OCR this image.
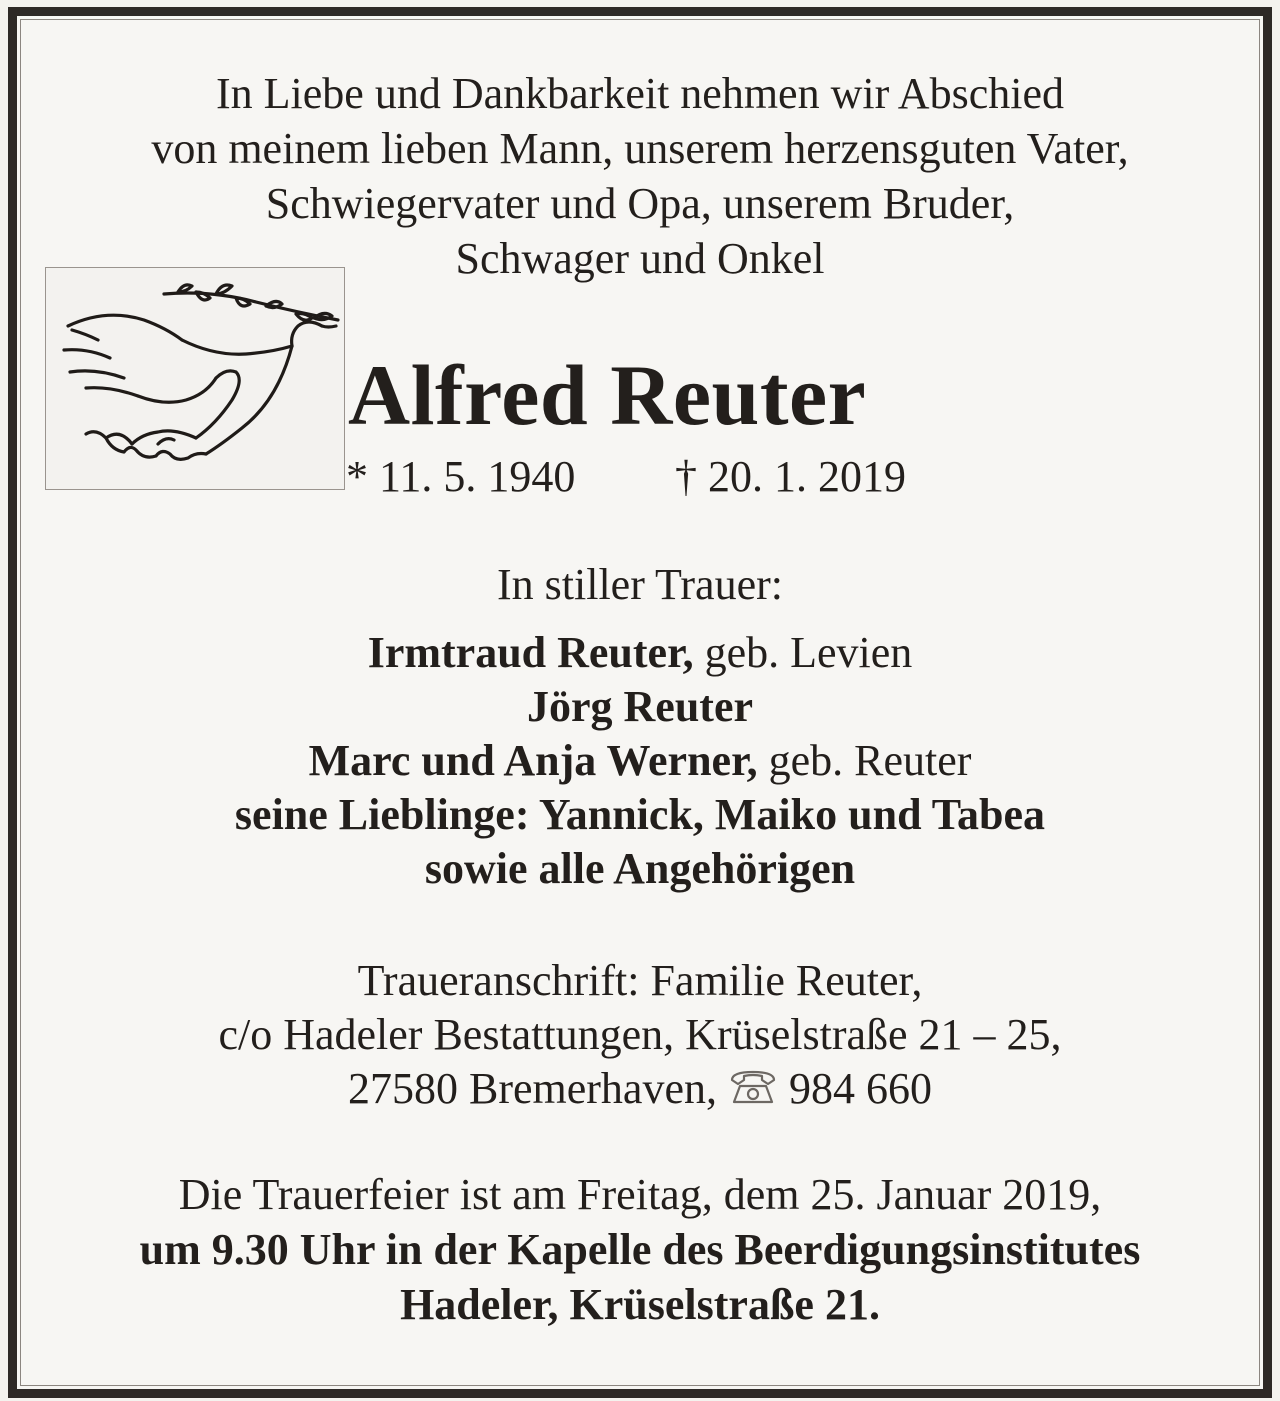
In Liebe und Dankbarkeit nehmen wir Abschied
von meinem lieben Mann, unserem herzensguten Vater,
Schwiegervater und Opa, unserem Bruder,
Schwager und Onkel
Alfred Reuter
* 11. 5. 1940 † 20. 1. 2019
In stiller Trauer:
Irmtraud Reuter, geb. Levien
Jörg Reuter
Marc und Anja Werner, geb. Reuter
seine Lieblinge: Yannick, Maiko und Tabea
sowie alle Angehörigen
Traueranschrift: Familie Reuter,
c/o Hadeler Bestattungen, Krüselstraße 21 – 25,
27580 Bremerhaven,  984 660
Die Trauerfeier ist am Freitag, dem 25. Januar 2019,
um 9.30 Uhr in der Kapelle des Beerdigungsinstitutes
Hadeler, Krüselstraße 21.
